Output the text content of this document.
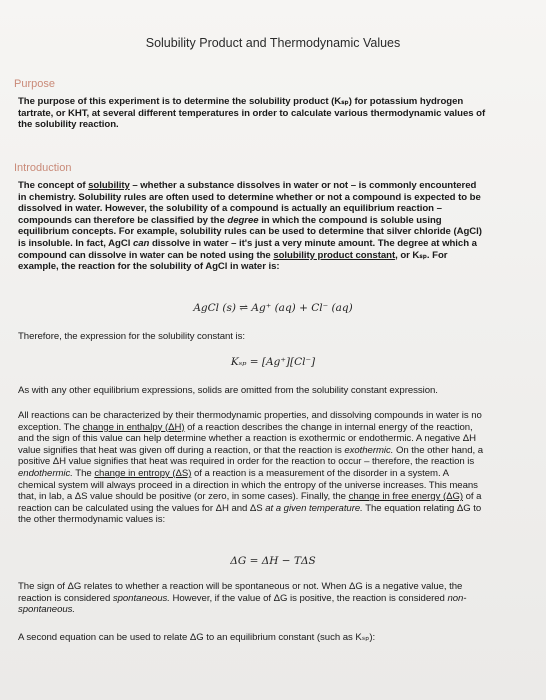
Solubility Product and Thermodynamic Values
Purpose
The purpose of this experiment is to determine the solubility product (Kₛₚ) for potassium hydrogen tartrate, or KHT, at several different temperatures in order to calculate various thermodynamic values of the solubility reaction.
Introduction
The concept of solubility – whether a substance dissolves in water or not – is commonly encountered in chemistry. Solubility rules are often used to determine whether or not a compound is expected to be dissolved in water. However, the solubility of a compound is actually an equilibrium reaction – compounds can therefore be classified by the degree in which the compound is soluble using equilibrium concepts. For example, solubility rules can be used to determine that silver chloride (AgCl) is insoluble. In fact, AgCl can dissolve in water – it's just a very minute amount. The degree at which a compound can dissolve in water can be noted using the solubility product constant, or Kₛₚ. For example, the reaction for the solubility of AgCl in water is:
AgCl (s) ⇌ Ag⁺ (aq) + Cl⁻ (aq)
Therefore, the expression for the solubility constant is:
Kₛₚ = [Ag⁺][Cl⁻]
As with any other equilibrium expressions, solids are omitted from the solubility constant expression.
All reactions can be characterized by their thermodynamic properties, and dissolving compounds in water is no exception. The change in enthalpy (ΔH) of a reaction describes the change in internal energy of the reaction, and the sign of this value can help determine whether a reaction is exothermic or endothermic. A negative ΔH value signifies that heat was given off during a reaction, or that the reaction is exothermic. On the other hand, a positive ΔH value signifies that heat was required in order for the reaction to occur – therefore, the reaction is endothermic. The change in entropy (ΔS) of a reaction is a measurement of the disorder in a system. A chemical system will always proceed in a direction in which the entropy of the universe increases. This means that, in lab, a ΔS value should be positive (or zero, in some cases). Finally, the change in free energy (ΔG) of a reaction can be calculated using the values for ΔH and ΔS at a given temperature. The equation relating ΔG to the other thermodynamic values is:
ΔG = ΔH − TΔS
The sign of ΔG relates to whether a reaction will be spontaneous or not. When ΔG is a negative value, the reaction is considered spontaneous. However, if the value of ΔG is positive, the reaction is considered non-spontaneous.
A second equation can be used to relate ΔG to an equilibrium constant (such as Kₛₚ):
